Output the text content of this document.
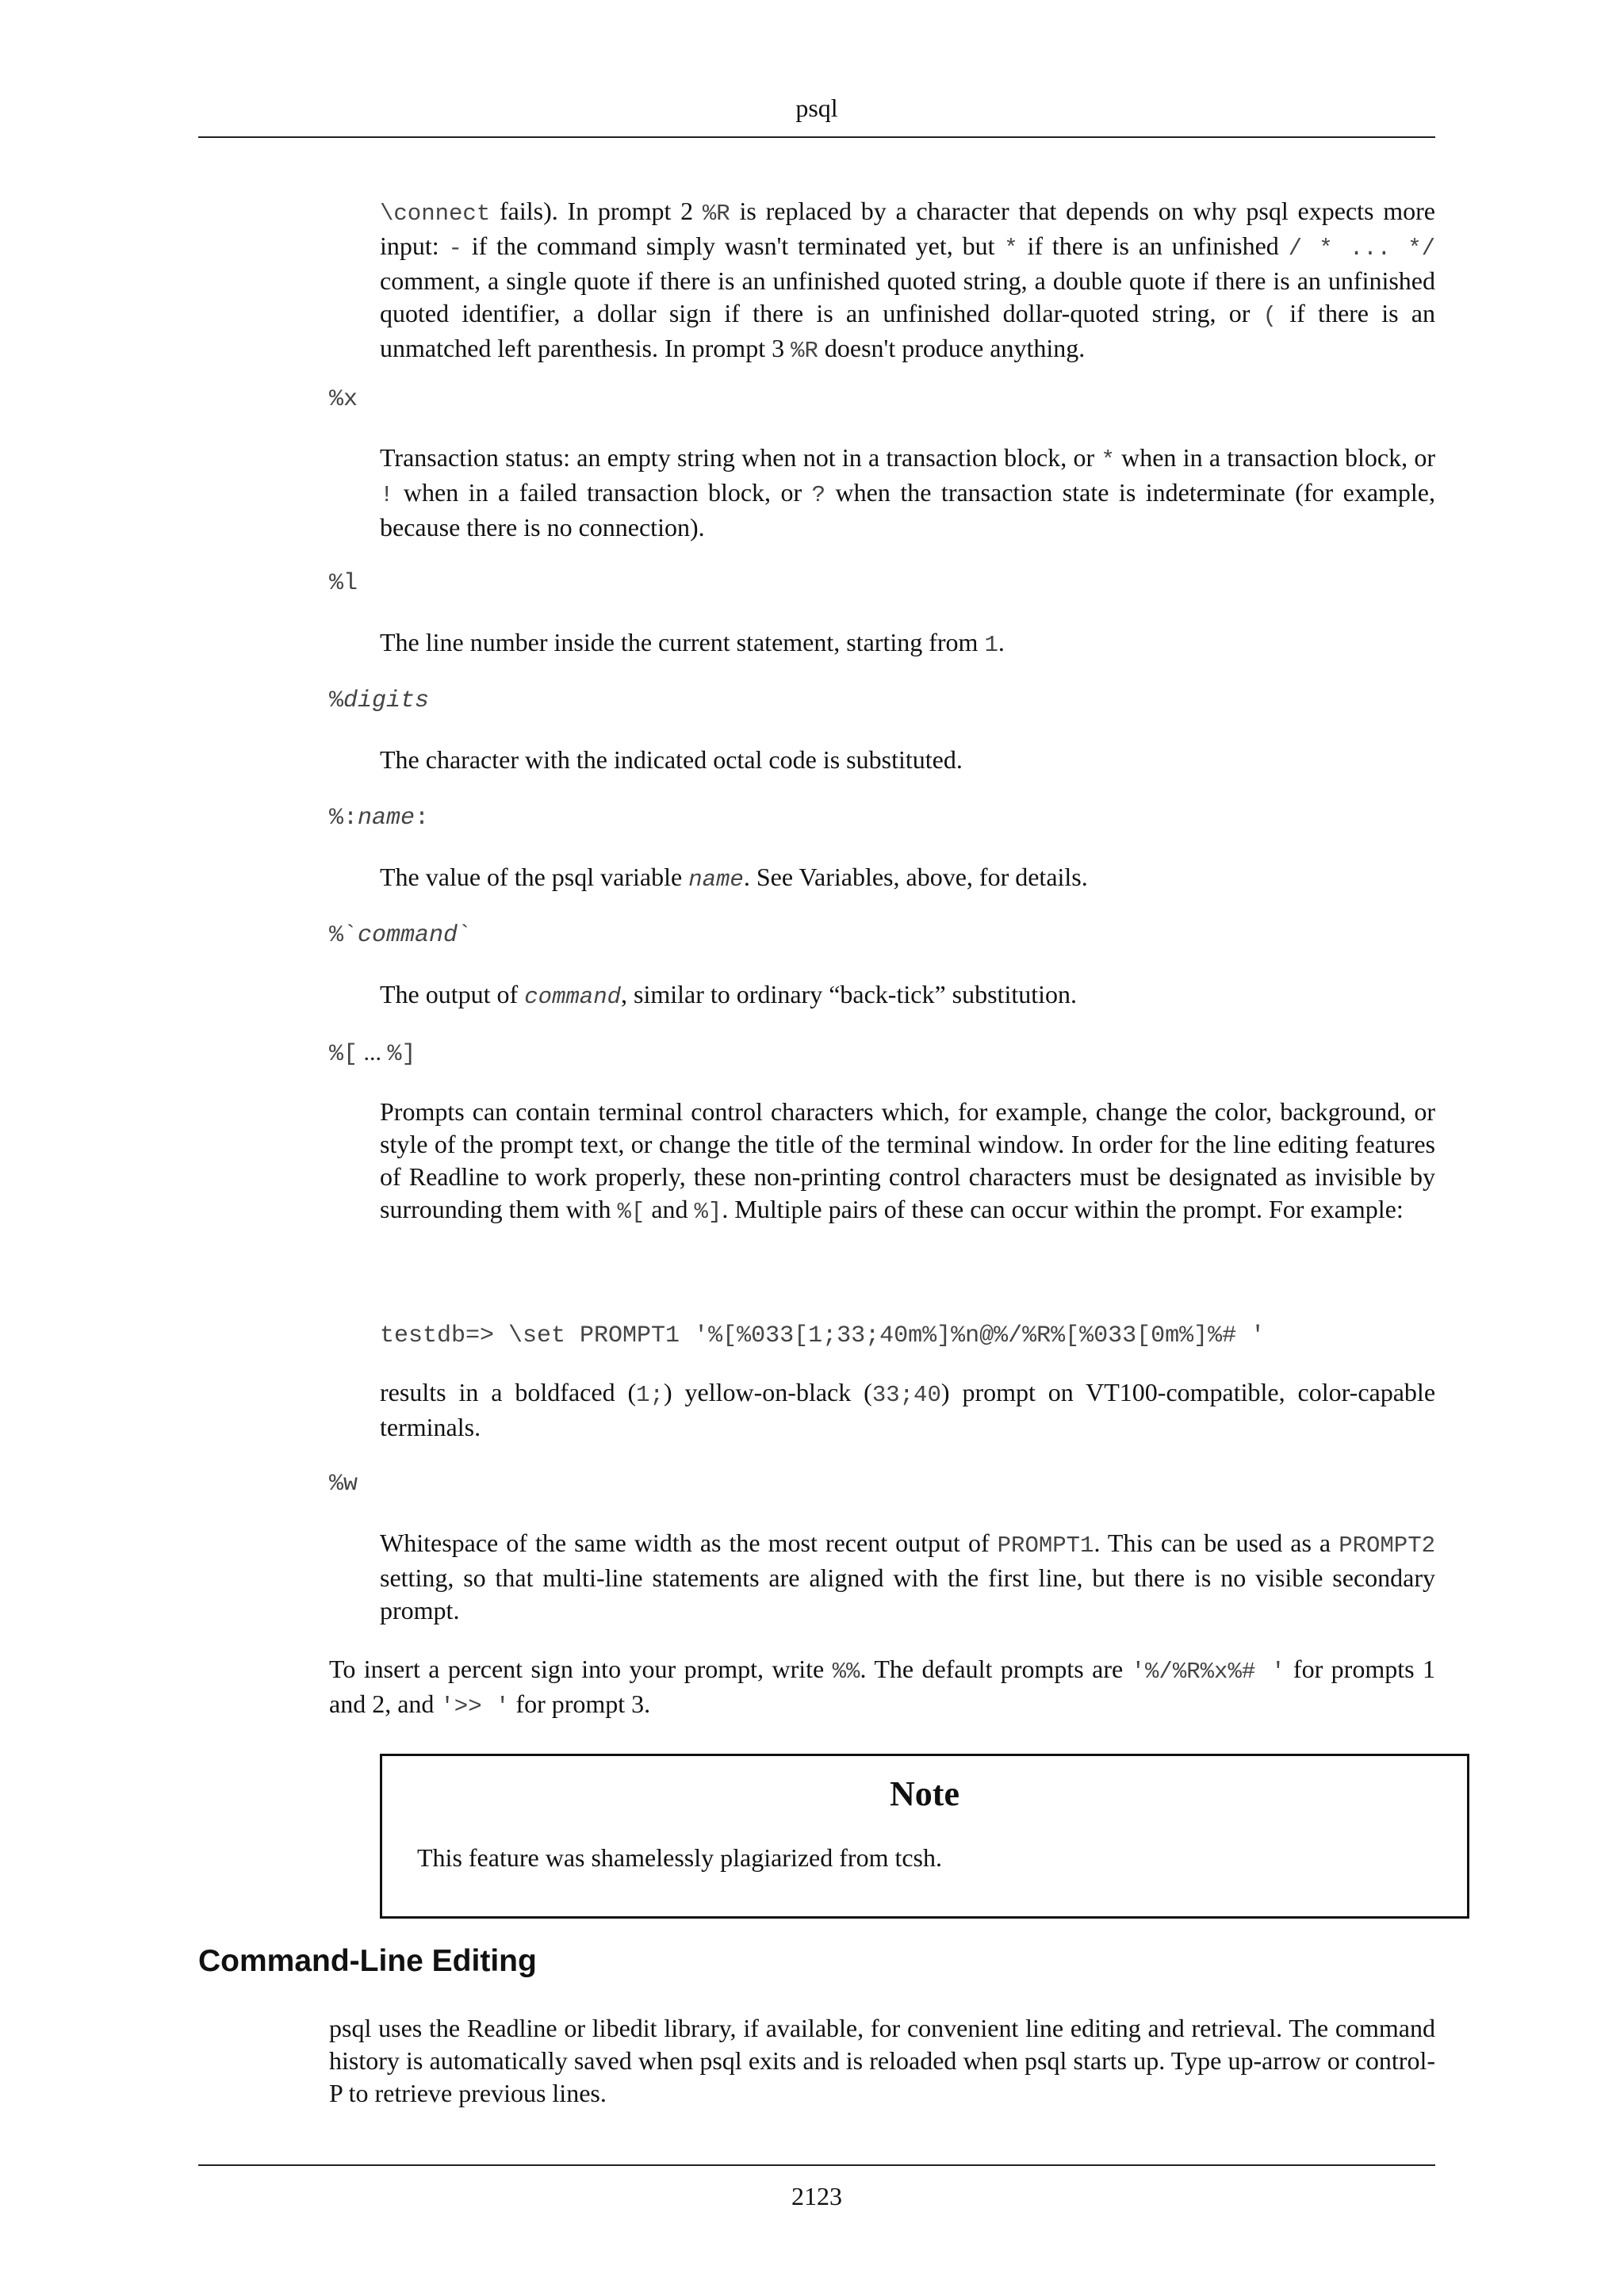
psql

\connect fails). In prompt 2 %R is replaced by a character that depends on why psql expects more input: - if the command simply wasn't terminated yet, but * if there is an unfinished / * ... */ comment, a single quote if there is an unfinished quoted string, a double quote if there is an unfinished quoted identifier, a dollar sign if there is an unfinished dollar-quoted string, or ( if there is an unmatched left parenthesis. In prompt 3 %R doesn't produce anything.

%x

Transaction status: an empty string when not in a transaction block, or * when in a transaction block, or ! when in a failed transaction block, or ? when the transaction state is indeterminate (for example, because there is no connection).

%l

The line number inside the current statement, starting from 1.

%digits

The character with the indicated octal code is substituted.

%:name:

The value of the psql variable name. See Variables, above, for details.

%`command`

The output of command, similar to ordinary “back-tick” substitution.

%[ ... %]

Prompts can contain terminal control characters which, for example, change the color, background, or style of the prompt text, or change the title of the terminal window. In order for the line editing features of Readline to work properly, these non-printing control characters must be designated as invisible by surrounding them with %[ and %]. Multiple pairs of these can occur within the prompt. For example:

testdb=> \set PROMPT1 '%[%033[1;33;40m%]%n@%/%R%[%033[0m%]%# '

results in a boldfaced (1;) yellow-on-black (33;40) prompt on VT100-compatible, color-capable terminals.

%w

Whitespace of the same width as the most recent output of PROMPT1. This can be used as a PROMPT2 setting, so that multi-line statements are aligned with the first line, but there is no visible secondary prompt.

To insert a percent sign into your prompt, write %%. The default prompts are '%/%R%x%# ' for prompts 1 and 2, and '>> ' for prompt 3.

Note
This feature was shamelessly plagiarized from tcsh.
Command-Line Editing

psql uses the Readline or libedit library, if available, for convenient line editing and retrieval. The command history is automatically saved when psql exits and is reloaded when psql starts up. Type up-arrow or control-P to retrieve previous lines.

2123
